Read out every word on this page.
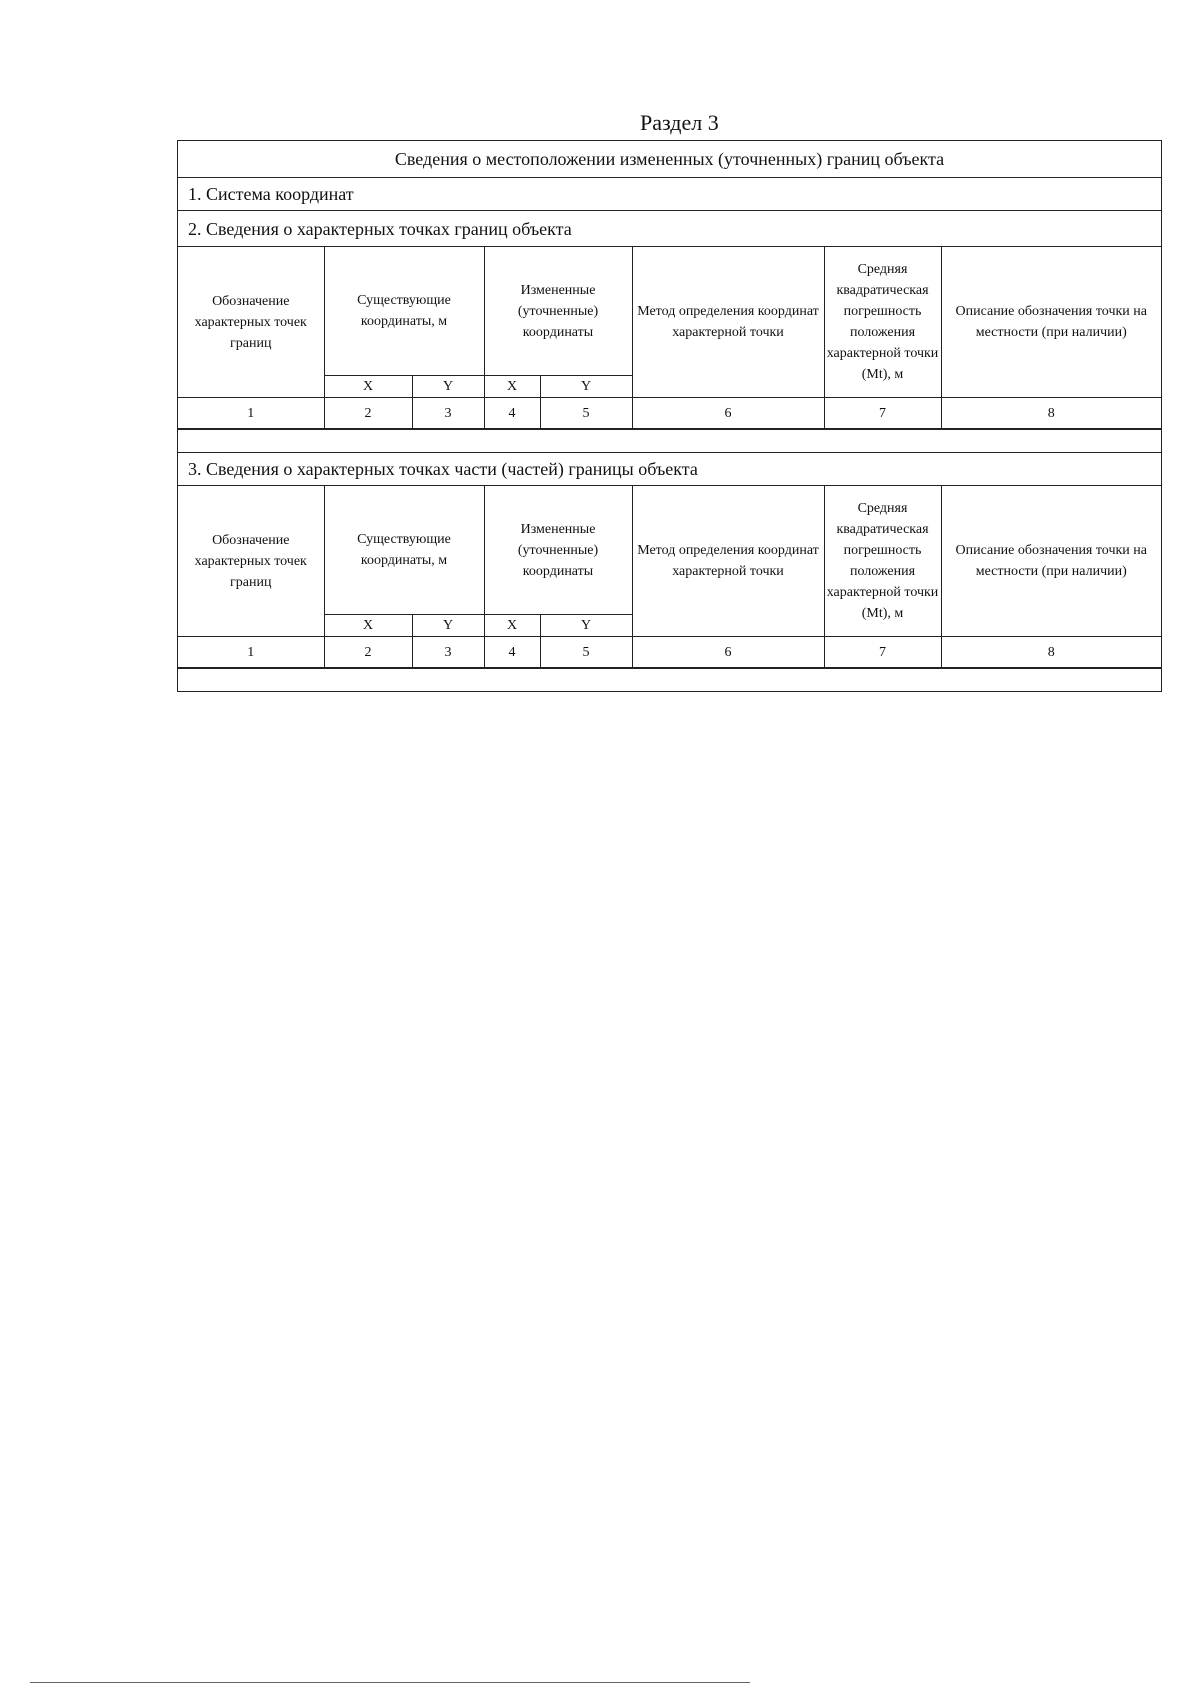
Раздел 3
Сведения о местоположении измененных (уточненных) границ объекта
1. Система координат
2. Сведения о характерных точках границ объекта
Обозначение характерных точек границ	Существующие координаты, м		Измененные (уточненные) координаты		Метод определения координат характерной точки	Средняя квадратическая погрешность положения характерной точки (Mt), м	Описание обозначения точки на местности (при наличии)
	X	Y	X	Y			
1	2	3	4	5	6	7	8
3. Сведения о характерных точках части (частей) границы объекта
Обозначение характерных точек границ	Существующие координаты, м		Измененные (уточненные) координаты		Метод определения координат характерной точки	Средняя квадратическая погрешность положения характерной точки (Mt), м	Описание обозначения точки на местности (при наличии)
	X	Y	X	Y			
1	2	3	4	5	6	7	8
